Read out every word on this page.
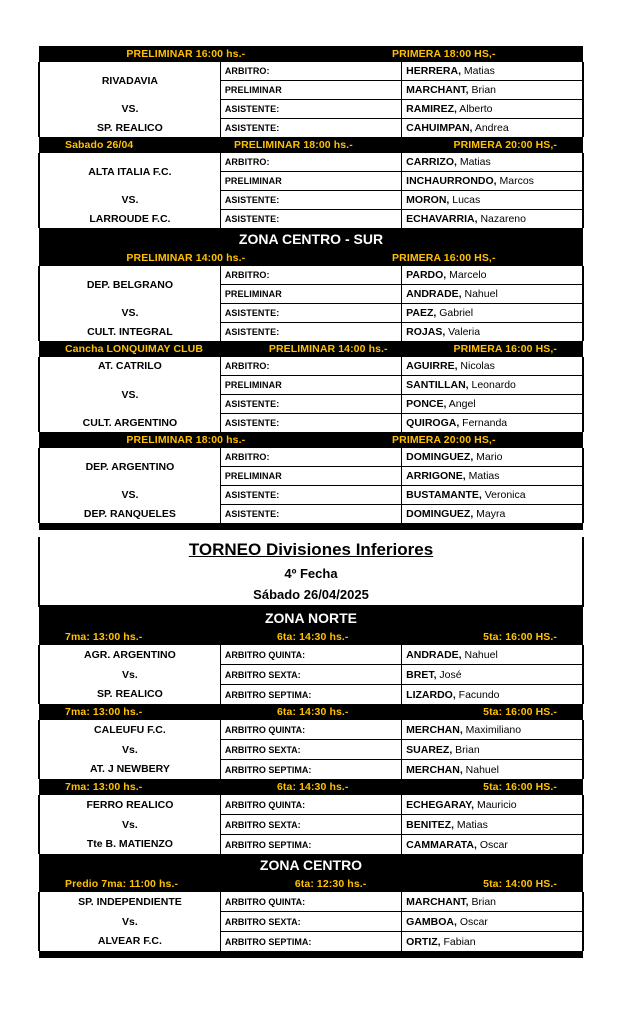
PRELIMINAR 16:00 hs.- PRIMERA 18:00 HS,-		

RIVADAVIA	ARBITRO:	HERRERA, Matias
	PRELIMINAR	MARCHANT, Brian
VS.	ASISTENTE:	RAMIREZ, Alberto
SP. REALICO	ASISTENTE:	CAHUIMPAN, Andrea

Sabado 26/04 PRELIMINAR 18:00 hs.- PRIMERA 20:00 HS,-		

ALTA ITALIA F.C.	ARBITRO:	CARRIZO, Matias
	PRELIMINAR	INCHAURRONDO, Marcos
VS.	ASISTENTE:	MORON, Lucas
LARROUDE F.C.	ASISTENTE:	ECHAVARRIA, Nazareno
ZONA CENTRO - SUR		

PRELIMINAR 14:00 hs.- PRIMERA 16:00 HS,-		

DEP. BELGRANO	ARBITRO:	PARDO, Marcelo
	PRELIMINAR	ANDRADE, Nahuel
VS.	ASISTENTE:	PAEZ, Gabriel
CULT. INTEGRAL	ASISTENTE:	ROJAS, Valeria

Cancha LONQUIMAY CLUB PRELIMINAR 14:00 hs.- PRIMERA 16:00 HS,-		

AT. CATRILO	ARBITRO:	AGUIRRE, Nicolas
VS.	PRELIMINAR	SANTILLAN, Leonardo
	ASISTENTE:	PONCE, Angel
CULT. ARGENTINO	ASISTENTE:	QUIROGA, Fernanda

PRELIMINAR 18:00 hs.- PRIMERA 20:00 HS,-		

DEP. ARGENTINO	ARBITRO:	DOMINGUEZ, Mario
	PRELIMINAR	ARRIGONE, Matias
VS.	ASISTENTE:	BUSTAMANTE, Veronica
DEP. RANQUELES	ASISTENTE:	DOMINGUEZ, Mayra

TORNEO Divisiones Inferiores		
4º Fecha		
Sábado 26/04/2025		
ZONA NORTE		

7ma: 13:00 hs.- 6ta: 14:30 hs.- 5ta: 16:00 HS.-		

AGR. ARGENTINO	ARBITRO QUINTA:	ANDRADE, Nahuel
Vs.	ARBITRO SEXTA:	BRET, José
SP. REALICO	ARBITRO SEPTIMA:	LIZARDO, Facundo

7ma: 13:00 hs.- 6ta: 14:30 hs.- 5ta: 16:00 HS.-		

CALEUFU F.C.	ARBITRO QUINTA:	MERCHAN, Maximiliano
Vs.	ARBITRO SEXTA:	SUAREZ, Brian
AT. J NEWBERY	ARBITRO SEPTIMA:	MERCHAN, Nahuel

7ma: 13:00 hs.- 6ta: 14:30 hs.- 5ta: 16:00 HS.-		

FERRO REALICO	ARBITRO QUINTA:	ECHEGARAY, Mauricio
Vs.	ARBITRO SEXTA:	BENITEZ, Matias
Tte B. MATIENZO	ARBITRO SEPTIMA:	CAMMARATA, Oscar
ZONA CENTRO		

Predio 7ma: 11:00 hs.- 6ta: 12:30 hs.- 5ta: 14:00 HS.-		

SP. INDEPENDIENTE	ARBITRO QUINTA:	MARCHANT, Brian
Vs.	ARBITRO SEXTA:	GAMBOA, Oscar
ALVEAR F.C.	ARBITRO SEPTIMA:	ORTIZ, Fabian
